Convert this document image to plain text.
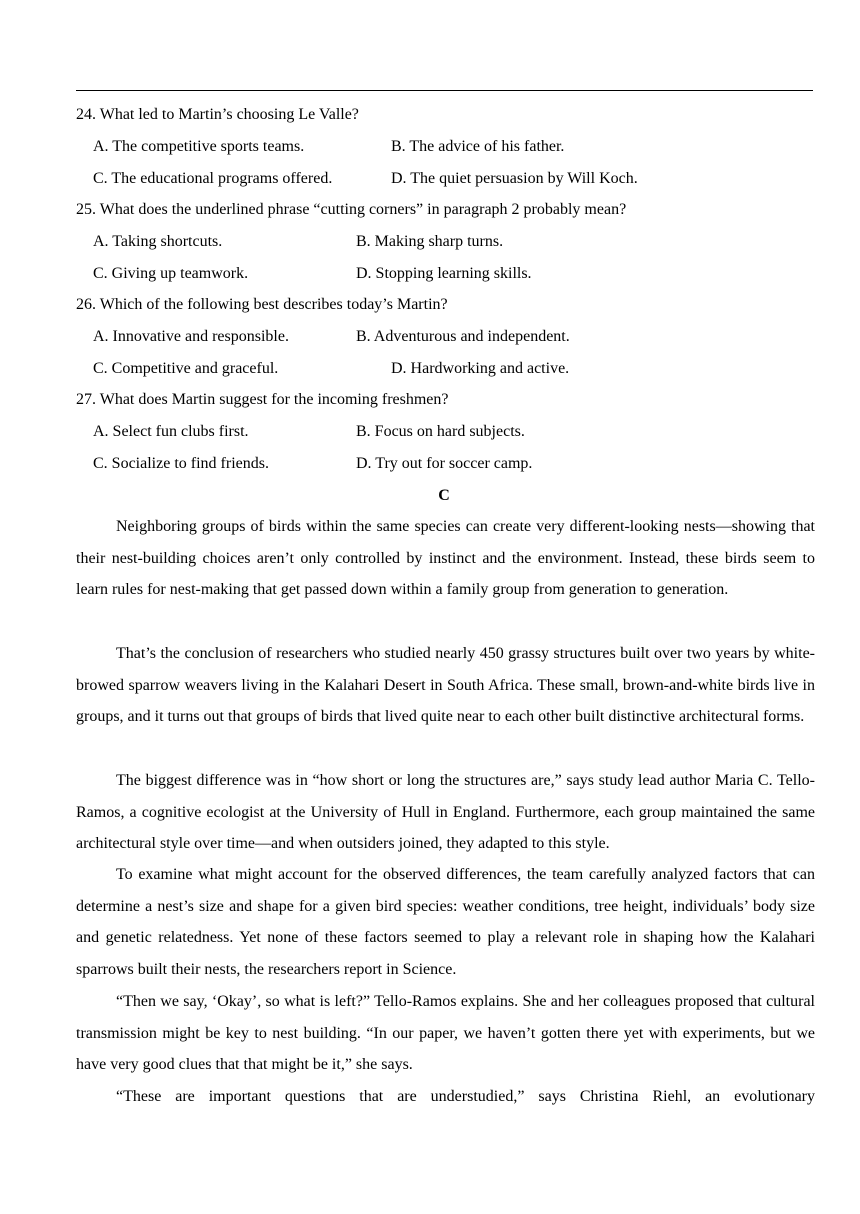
24. What led to Martin’s choosing Le Valle?
A. The competitive sports teams.	B. The advice of his father.
C. The educational programs offered.	D. The quiet persuasion by Will Koch.
25. What does the underlined phrase “cutting corners” in paragraph 2 probably mean?
A. Taking shortcuts.	B. Making sharp turns.
C. Giving up teamwork.	D. Stopping learning skills.
26. Which of the following best describes today’s Martin?
A. Innovative and responsible.	B. Adventurous and independent.
C. Competitive and graceful.	D. Hardworking and active.
27. What does Martin suggest for the incoming freshmen?
A. Select fun clubs first.	B. Focus on hard subjects.
C. Socialize to find friends.	D. Try out for soccer camp.
C

Neighboring groups of birds within the same species can create very different-looking nests—showing that their nest-building choices aren’t only controlled by instinct and the environment. Instead, these birds seem to learn rules for nest-making that get passed down within a family group from generation to generation.

That’s the conclusion of researchers who studied nearly 450 grassy structures built over two years by white-browed sparrow weavers living in the Kalahari Desert in South Africa. These small, brown-and-white birds live in groups, and it turns out that groups of birds that lived quite near to each other built distinctive architectural forms.

The biggest difference was in “how short or long the structures are,” says study lead author Maria C. Tello-Ramos, a cognitive ecologist at the University of Hull in England. Furthermore, each group maintained the same architectural style over time—and when outsiders joined, they adapted to this style.

To examine what might account for the observed differences, the team carefully analyzed factors that can determine a nest’s size and shape for a given bird species: weather conditions, tree height, individuals’ body size and genetic relatedness. Yet none of these factors seemed to play a relevant role in shaping how the Kalahari sparrows built their nests, the researchers report in Science.

“Then we say, ‘Okay’, so what is left?” Tello-Ramos explains. She and her colleagues proposed that cultural transmission might be key to nest building. “In our paper, we haven’t gotten there yet with experiments, but we have very good clues that that might be it,” she says.

“These are important questions that are understudied,” says Christina Riehl, an evolutionary
